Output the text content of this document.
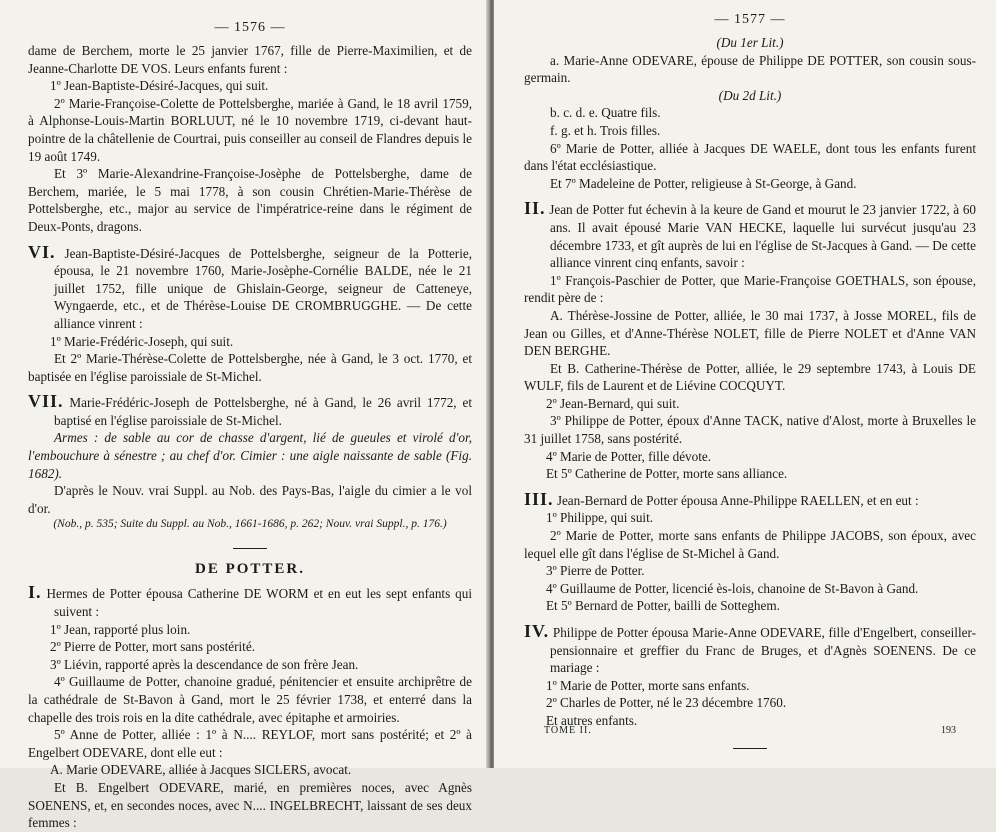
— 1576 —

dame de Berchem, morte le 25 janvier 1767, fille de Pierre-Maximilien, et de Jeanne-Charlotte DE VOS. Leurs enfants furent :

1º Jean-Baptiste-Désiré-Jacques, qui suit.

2º Marie-Françoise-Colette de Pottelsberghe, mariée à Gand, le 18 avril 1759, à Alphonse-Louis-Martin BORLUUT, né le 10 novembre 1719, ci-devant haut-pointre de la châtellenie de Courtrai, puis conseiller au conseil de Flandres depuis le 19 août 1749.

Et 3º Marie-Alexandrine-Françoise-Josèphe de Pottelsberghe, dame de Berchem, mariée, le 5 mai 1778, à son cousin Chrétien-Marie-Thérèse de Pottelsberghe, etc., major au service de l'impératrice-reine dans le régiment de Deux-Ponts, dragons.

VI. Jean-Baptiste-Désiré-Jacques de Pottelsberghe, seigneur de la Potterie, épousa, le 21 novembre 1760, Marie-Josèphe-Cornélie BALDE, née le 21 juillet 1752, fille unique de Ghislain-George, seigneur de Catteneye, Wyngaerde, etc., et de Thérèse-Louise DE CROMBRUGGHE. — De cette alliance vinrent :

1º Marie-Frédéric-Joseph, qui suit.

Et 2º Marie-Thérèse-Colette de Pottelsberghe, née à Gand, le 3 oct. 1770, et baptisée en l'église paroissiale de St-Michel.

VII. Marie-Frédéric-Joseph de Pottelsberghe, né à Gand, le 26 avril 1772, et baptisé en l'église paroissiale de St-Michel.

Armes : de sable au cor de chasse d'argent, lié de gueules et virolé d'or, l'embouchure à sénestre ; au chef d'or. Cimier : une aigle naissante de sable (Fig. 1682).

D'après le Nouv. vrai Suppl. au Nob. des Pays-Bas, l'aigle du cimier a le vol d'or.

(Nob., p. 535; Suite du Suppl. au Nob., 1661-1686, p. 262; Nouv. vrai Suppl., p. 176.)

DE POTTER.

I. Hermes de Potter épousa Catherine DE WORM et en eut les sept enfants qui suivent :

1º Jean, rapporté plus loin.

2º Pierre de Potter, mort sans postérité.

3º Liévin, rapporté après la descendance de son frère Jean.

4º Guillaume de Potter, chanoine gradué, pénitencier et ensuite archiprêtre de la cathédrale de St-Bavon à Gand, mort le 25 février 1738, et enterré dans la chapelle des trois rois en la dite cathédrale, avec épitaphe et armoiries.

5º Anne de Potter, alliée : 1º à N.... REYLOF, mort sans postérité; et 2º à Engelbert ODEVARE, dont elle eut :

A. Marie ODEVARE, alliée à Jacques SICLERS, avocat.

Et B. Engelbert ODEVARE, marié, en premières noces, avec Agnès SOENENS, et, en secondes noces, avec N.... INGELBRECHT, laissant de ses deux femmes :

— 1577 —

(Du 1er Lit.)

a. Marie-Anne ODEVARE, épouse de Philippe DE POTTER, son cousin sous-germain.

(Du 2d Lit.)

b. c. d. e. Quatre fils.

f. g. et h. Trois filles.

6º Marie de Potter, alliée à Jacques DE WAELE, dont tous les enfants furent dans l'état ecclésiastique.

Et 7º Madeleine de Potter, religieuse à St-George, à Gand.

II. Jean de Potter fut échevin à la keure de Gand et mourut le 23 janvier 1722, à 60 ans. Il avait épousé Marie VAN HECKE, laquelle lui survécut jusqu'au 23 décembre 1733, et gît auprès de lui en l'église de St-Jacques à Gand. — De cette alliance vinrent cinq enfants, savoir :

1º François-Paschier de Potter, que Marie-Françoise GOETHALS, son épouse, rendit père de :

A. Thérèse-Jossine de Potter, alliée, le 30 mai 1737, à Josse MOREL, fils de Jean ou Gilles, et d'Anne-Thérèse NOLET, fille de Pierre NOLET et d'Anne VAN DEN BERGHE.

Et B. Catherine-Thérèse de Potter, alliée, le 29 septembre 1743, à Louis DE WULF, fils de Laurent et de Liévine COCQUYT.

2º Jean-Bernard, qui suit.

3º Philippe de Potter, époux d'Anne TACK, native d'Alost, morte à Bruxelles le 31 juillet 1758, sans postérité.

4º Marie de Potter, fille dévote.

Et 5º Catherine de Potter, morte sans alliance.

III. Jean-Bernard de Potter épousa Anne-Philippe RAELLEN, et en eut :

1º Philippe, qui suit.

2º Marie de Potter, morte sans enfants de Philippe JACOBS, son époux, avec lequel elle gît dans l'église de St-Michel à Gand.

3º Pierre de Potter.

4º Guillaume de Potter, licencié ès-lois, chanoine de St-Bavon à Gand.

Et 5º Bernard de Potter, bailli de Sotteghem.

IV. Philippe de Potter épousa Marie-Anne ODEVARE, fille d'Engelbert, conseiller-pensionnaire et greffier du Franc de Bruges, et d'Agnès SOENENS. De ce mariage :

1º Marie de Potter, morte sans enfants.

2º Charles de Potter, né le 23 décembre 1760.

Et autres enfants.

TOME II.	193
